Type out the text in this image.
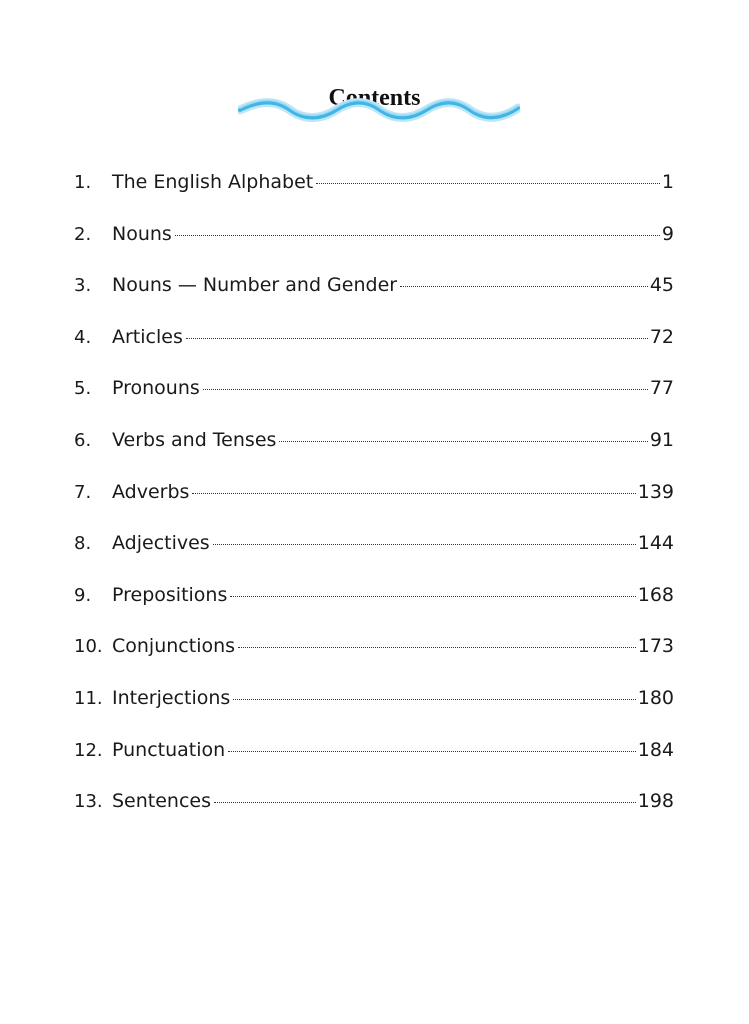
Contents
1.	The English Alphabet	1
2.	Nouns	9
3.	Nouns — Number and Gender	45
4.	Articles	72
5.	Pronouns	77
6.	Verbs and Tenses	91
7.	Adverbs	139
8.	Adjectives	144
9.	Prepositions	168
10. Conjunctions	173
11. Interjections	180
12. Punctuation	184
13. Sentences	198
